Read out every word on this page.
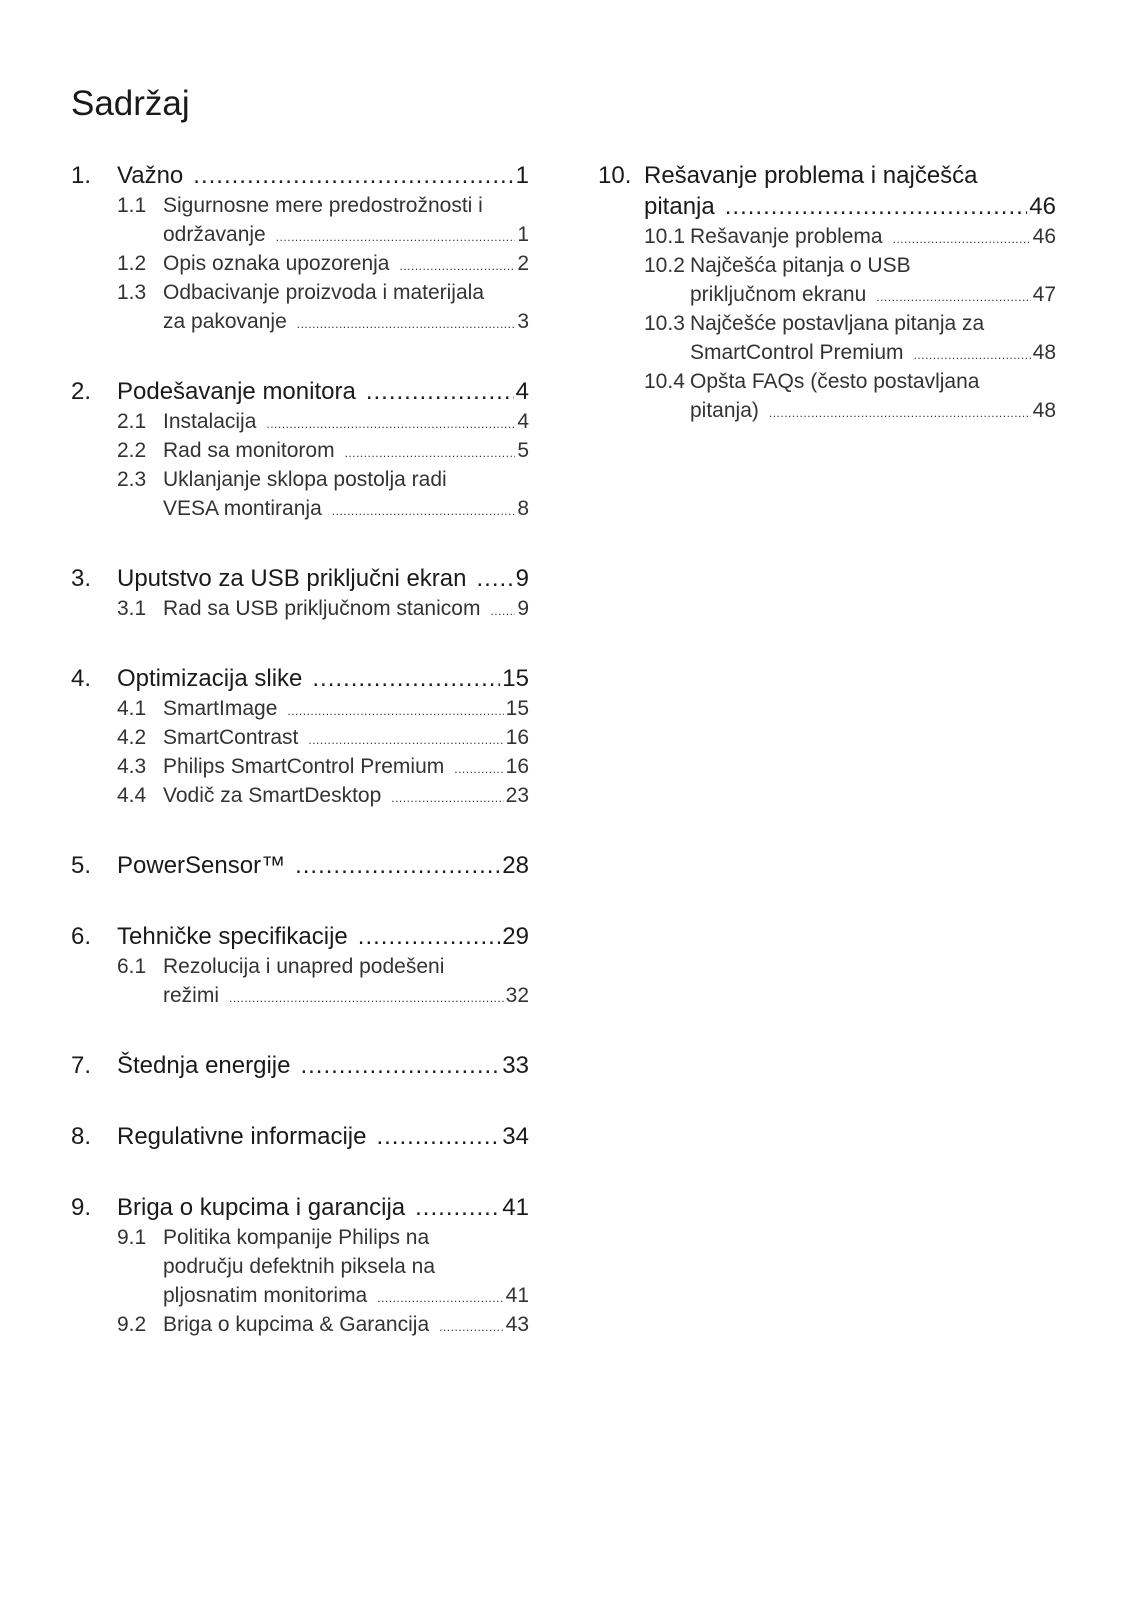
Sadržaj
1.	Važno .....	1
1.1 Sigurnosne mere predostrožnosti i
održavanje .....	1
1.2 Opis oznaka upozorenja .....	2
1.3 Odbacivanje proizvoda i materijala
za pakovanje .....	3
2.	Podešavanje monitora .....	4
2.1 Instalacija .....	4
2.2 Rad sa monitorom .....	5
2.3 Uklanjanje sklopa postolja radi
VESA montiranja .....	8
3.	Uputstvo za USB priključni ekran ..... 9
3.1 Rad sa USB priključnom stanicom ..... 9
4.	Optimizacija slike .....	15
4.1 SmartImage .....	15
4.2 SmartContrast .....	16
4.3 Philips SmartControl Premium .....	16
4.4 Vodič za SmartDesktop .....	23
5.	PowerSensor™ .....	28
6.	Tehničke specifikacije .....	29
6.1 Rezolucija i unapred podešeni
režimi .....	32
7.	Štednja energije .....	33
8.	Regulativne informacije .....	34
9.	Briga o kupcima i garancija .....	41
9.1 Politika kompanije Philips na
području defektnih piksela na
pljosnatim monitorima .....	41
9.2 Briga o kupcima & Garancija .....	43
10. Rešavanje problema i najčešća
pitanja .....	46
10.1 Rešavanje problema .....	46
10.2 Najčešća pitanja o USB
priključnom ekranu .....	47
10.3 Najčešće postavljana pitanja za
SmartControl Premium .....	48
10.4 Opšta FAQs (često postavljana
pitanja) .....	48
